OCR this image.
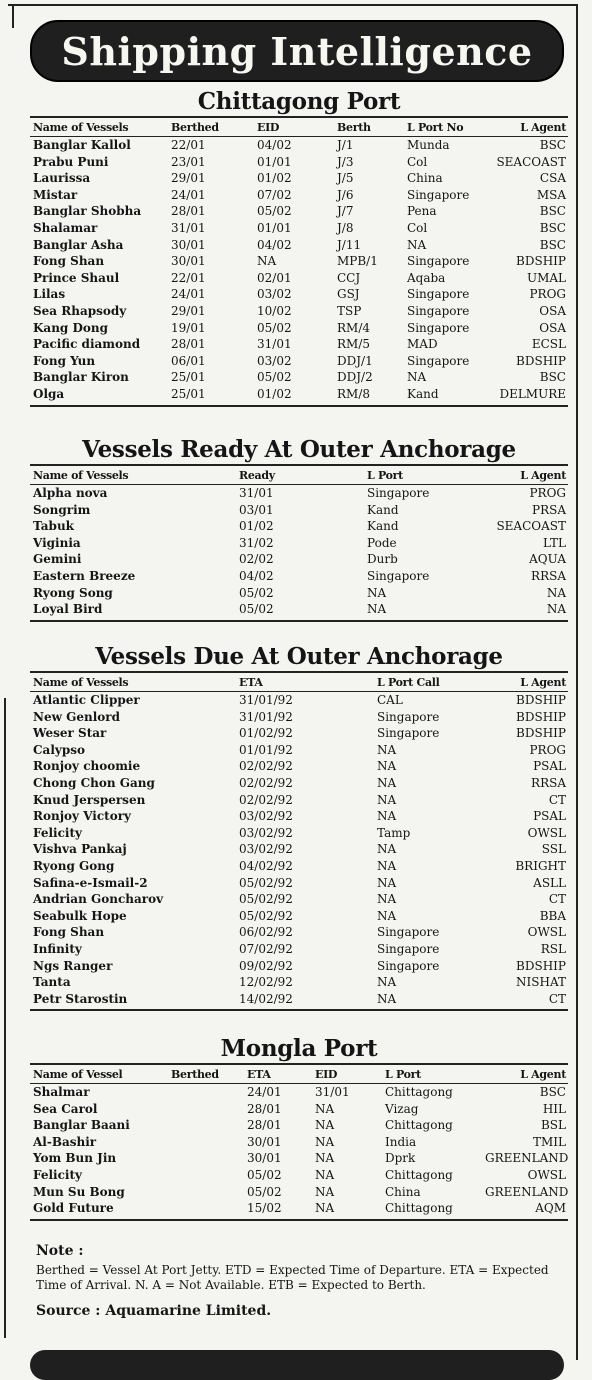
Shipping Intelligence
Chittagong Port
Name of Vessels	Berthed	EID	Berth	L Port No	L Agent
Banglar Kallol	22/01	04/02	J/1	Munda	BSC
Prabu Puni	23/01	01/01	J/3	Col	SEACOAST
Laurissa	29/01	01/02	J/5	China	CSA
Mistar	24/01	07/02	J/6	Singapore	MSA
Banglar Shobha	28/01	05/02	J/7	Pena	BSC
Shalamar	31/01	01/01	J/8	Col	BSC
Banglar Asha	30/01	04/02	J/11	NA	BSC
Fong Shan	30/01	NA	MPB/1	Singapore	BDSHIP
Prince Shaul	22/01	02/01	CCJ	Aqaba	UMAL
Lilas	24/01	03/02	GSJ	Singapore	PROG
Sea Rhapsody	29/01	10/02	TSP	Singapore	OSA
Kang Dong	19/01	05/02	RM/4	Singapore	OSA
Pacific diamond	28/01	31/01	RM/5	MAD	ECSL
Fong Yun	06/01	03/02	DDJ/1	Singapore	BDSHIP
Banglar Kiron	25/01	05/02	DDJ/2	NA	BSC
Olga	25/01	01/02	RM/8	Kand	DELMURE
Vessels Ready At Outer Anchorage
Name of Vessels	Ready	L Port	L Agent
Alpha nova	31/01	Singapore	PROG
Songrim	03/01	Kand	PRSA
Tabuk	01/02	Kand	SEACOAST
Viginia	31/02	Pode	LTL
Gemini	02/02	Durb	AQUA
Eastern Breeze	04/02	Singapore	RRSA
Ryong Song	05/02	NA	NA
Loyal Bird	05/02	NA	NA
Vessels Due At Outer Anchorage
Name of Vessels	ETA	L Port Call	L Agent
Atlantic Clipper	31/01/92	CAL	BDSHIP
New Genlord	31/01/92	Singapore	BDSHIP
Weser Star	01/02/92	Singapore	BDSHIP
Calypso	01/01/92	NA	PROG
Ronjoy choomie	02/02/92	NA	PSAL
Chong Chon Gang	02/02/92	NA	RRSA
Knud Jerspersen	02/02/92	NA	CT
Ronjoy Victory	03/02/92	NA	PSAL
Felicity	03/02/92	Tamp	OWSL
Vishva Pankaj	03/02/92	NA	SSL
Ryong Gong	04/02/92	NA	BRIGHT
Safina-e-Ismail-2	05/02/92	NA	ASLL
Andrian Goncharov	05/02/92	NA	CT
Seabulk Hope	05/02/92	NA	BBA
Fong Shan	06/02/92	Singapore	OWSL
Infinity	07/02/92	Singapore	RSL
Ngs Ranger	09/02/92	Singapore	BDSHIP
Tanta	12/02/92	NA	NISHAT
Petr Starostin	14/02/92	NA	CT
Mongla Port
Name of Vessel	Berthed	ETA	EID	L Port	L Agent
Shalmar		24/01	31/01	Chittagong	BSC
Sea Carol		28/01	NA	Vizag	HIL
Banglar Baani		28/01	NA	Chittagong	BSL
Al-Bashir		30/01	NA	India	TMIL
Yom Bun Jin		30/01	NA	Dprk	GREENLAND
Felicity		05/02	NA	Chittagong	OWSL
Mun Su Bong		05/02	NA	China	GREENLAND
Gold Future		15/02	NA	Chittagong	AQM
Note :
Berthed = Vessel At Port Jetty. ETD = Expected Time of Departure. ETA = Expected Time of Arrival. N. A = Not Available. ETB = Expected to Berth.
Source : Aquamarine Limited.
